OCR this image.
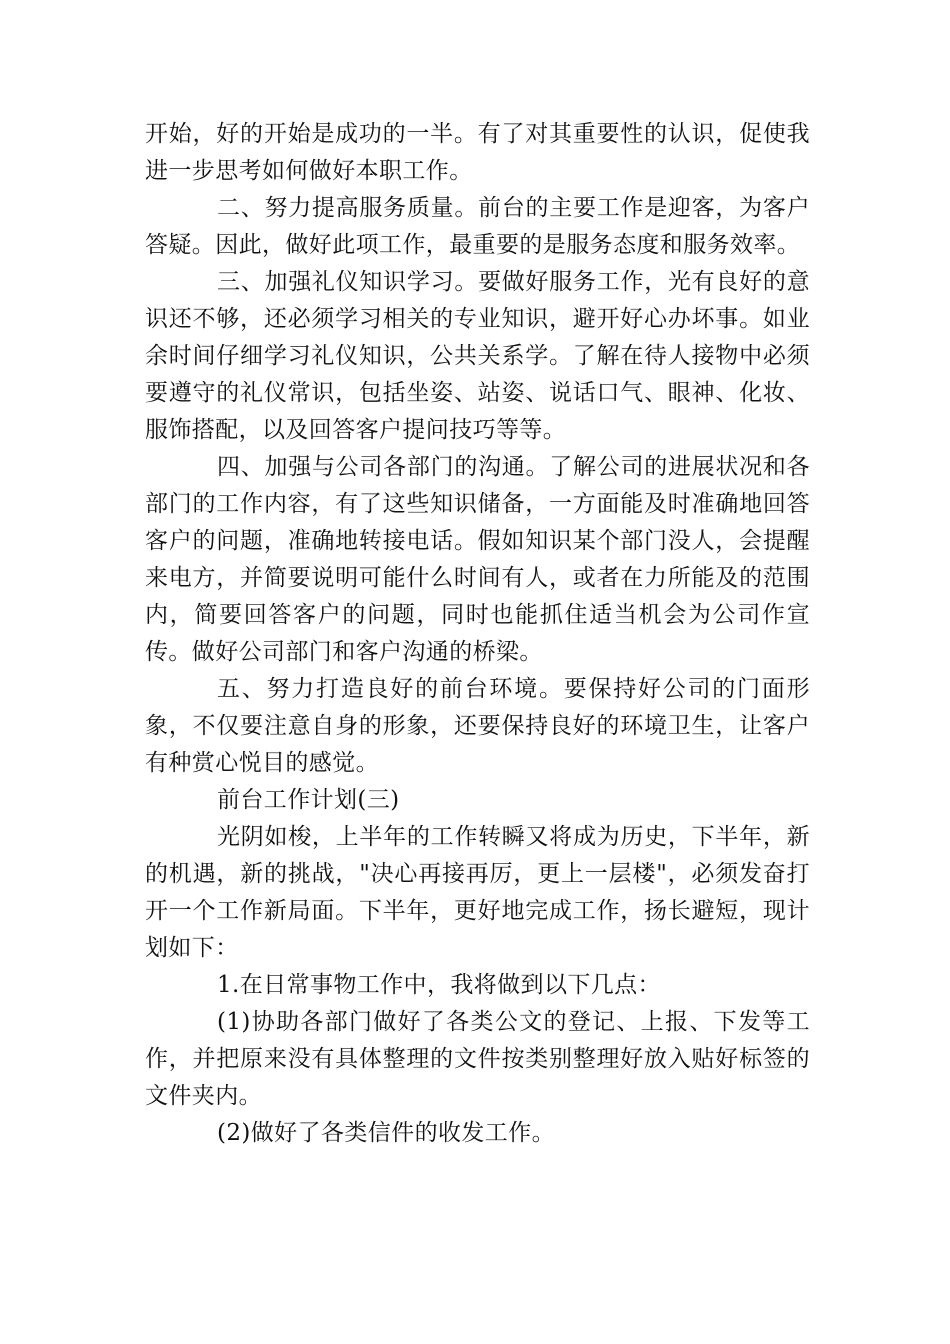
开始，好的开始是成功的一半。有了对其重要性的认识，促使我进一步思考如何做好本职工作。

二、努力提高服务质量。前台的主要工作是迎客，为客户答疑。因此，做好此项工作，最重要的是服务态度和服务效率。

三、加强礼仪知识学习。要做好服务工作，光有良好的意识还不够，还必须学习相关的专业知识，避开好心办坏事。如业余时间仔细学习礼仪知识，公共关系学。了解在待人接物中必须要遵守的礼仪常识，包括坐姿、站姿、说话口气、眼神、化妆、服饰搭配，以及回答客户提问技巧等等。

四、加强与公司各部门的沟通。了解公司的进展状况和各部门的工作内容，有了这些知识储备，一方面能及时准确地回答客户的问题，准确地转接电话。假如知识某个部门没人，会提醒来电方，并简要说明可能什么时间有人，或者在力所能及的范围内，简要回答客户的问题，同时也能抓住适当机会为公司作宣传。做好公司部门和客户沟通的桥梁。

五、努力打造良好的前台环境。要保持好公司的门面形象，不仅要注意自身的形象，还要保持良好的环境卫生，让客户有种赏心悦目的感觉。

前台工作计划(三)

光阴如梭，上半年的工作转瞬又将成为历史，下半年，新的机遇，新的挑战，"决心再接再厉，更上一层楼"，必须发奋打开一个工作新局面。下半年，更好地完成工作，扬长避短，现计划如下：

1.在日常事物工作中，我将做到以下几点：

(1)协助各部门做好了各类公文的登记、上报、下发等工作，并把原来没有具体整理的文件按类别整理好放入贴好标签的文件夹内。

(2)做好了各类信件的收发工作。
